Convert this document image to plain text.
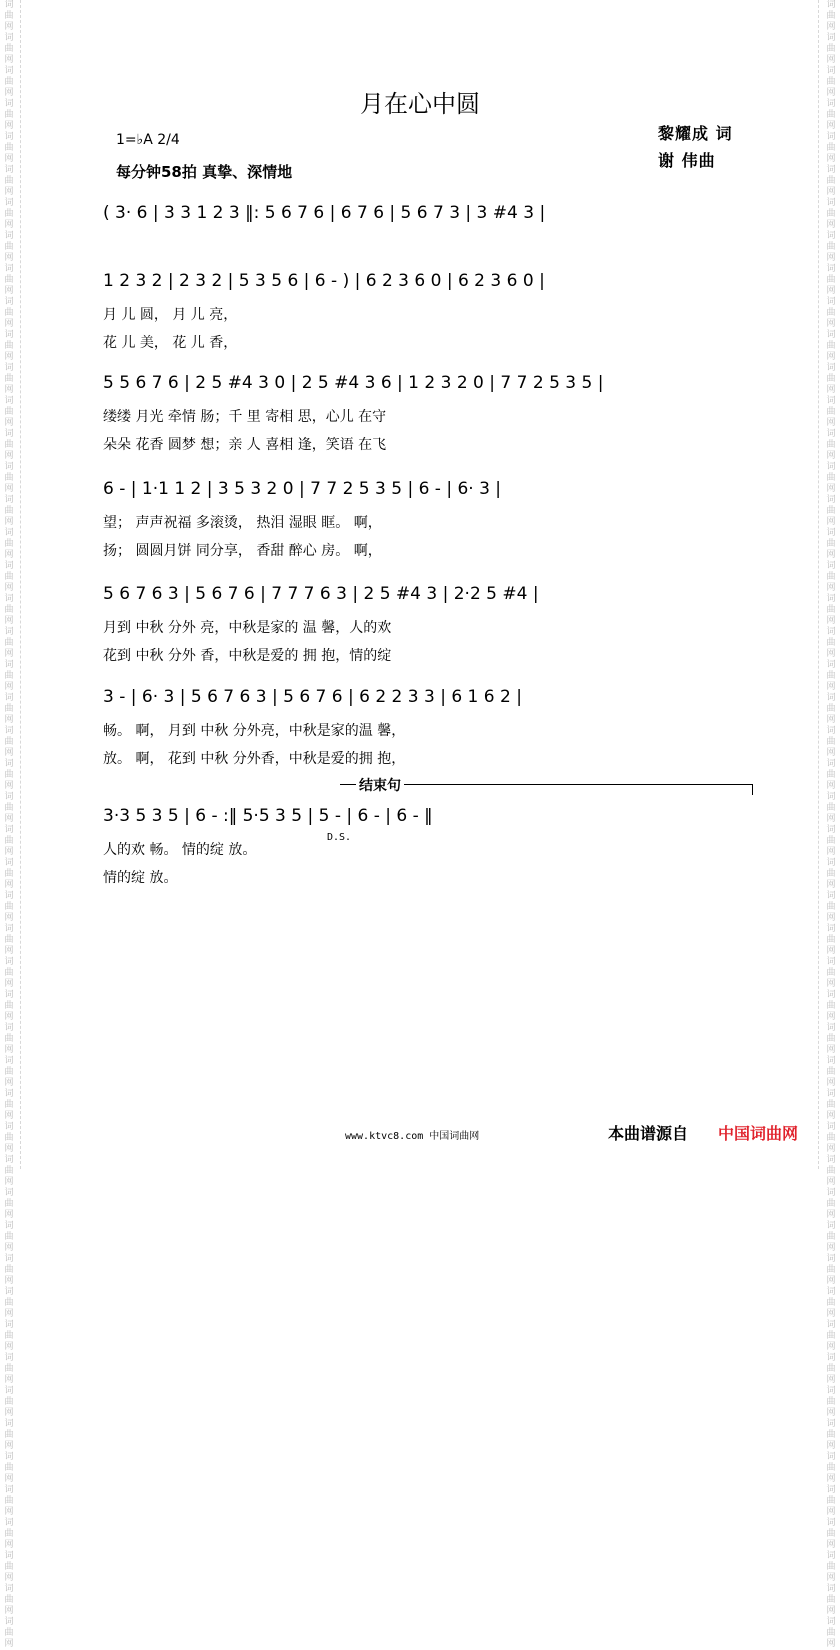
词曲网词曲网词曲网词曲网词曲网词曲网词曲网词曲网词曲网词曲网词曲网词曲网词曲网词曲网词曲网词曲网词曲网词曲网词曲网词曲网词曲网词曲网词曲网词曲网词曲网词曲网词曲网词曲网词曲网词曲网词曲网词曲网词曲网词曲网词曲网词曲网词曲网词曲网词曲网词曲网词曲网词曲网词曲网词曲网词曲网词曲网词曲网词曲网词曲网词曲网
词曲网词曲网词曲网词曲网词曲网词曲网词曲网词曲网词曲网词曲网词曲网词曲网词曲网词曲网词曲网词曲网词曲网词曲网词曲网词曲网词曲网词曲网词曲网词曲网词曲网词曲网词曲网词曲网词曲网词曲网词曲网词曲网词曲网词曲网词曲网词曲网词曲网词曲网词曲网词曲网词曲网词曲网词曲网词曲网词曲网词曲网词曲网词曲网词曲网词曲网
月在心中圆
黎耀成 词
谢 伟曲
1=♭A 2/4
每分钟58拍 真挚、深情地
( 3· 6 | 3 3 1 2 3 ‖: 5 6 7 6 | 6 7 6 | 5 6 7 3 | 3 #4 3 |
1 2 3 2 | 2 3 2 | 5 3 5 6 | 6 - ) | 6 2 3 6 0 | 6 2 3 6 0 |
5 5 6 7 6 | 2 5 #4 3 0 | 2 5 #4 3 6 | 1 2 3 2 0 | 7 7 2 5 3 5 |
6 - | 1·1 1 2 | 3 5 3 2 0 | 7 7 2 5 3 5 | 6 - | 6· 3 |
5 6 7 6 3 | 5 6 7 6 | 7 7 7 6 3 | 2 5 #4 3 | 2·2 5 #4 |
3 - | 6· 3 | 5 6 7 6 3 | 5 6 7 6 | 6 2 2 3 3 | 6 1 6 2 |
3·3 5 3 5 | 6 - :‖ 5·5 3 5 | 5 - | 6 - | 6 - ‖
结束句
D.S.
www.ktvc8.com 中国词曲网	本曲谱源自 中国词曲网
月 儿 圆， 月 儿 亮，
花 儿 美， 花 儿 香，
缕缕 月光 牵情 肠；千 里 寄相 思，心儿 在守
朵朵 花香 圆梦 想；亲 人 喜相 逢，笑语 在飞
望； 声声祝福 多滚烫， 热泪 湿眼 眶。 啊，
扬； 圆圆月饼 同分享， 香甜 醉心 房。 啊，
月到 中秋 分外 亮，中秋是家的 温 馨，人的欢
花到 中秋 分外 香，中秋是爱的 拥 抱，情的绽
畅。 啊， 月到 中秋 分外亮，中秋是家的温 馨，
放。 啊， 花到 中秋 分外香，中秋是爱的拥 抱，
人的欢 畅。 情的绽 放。
情的绽 放。
